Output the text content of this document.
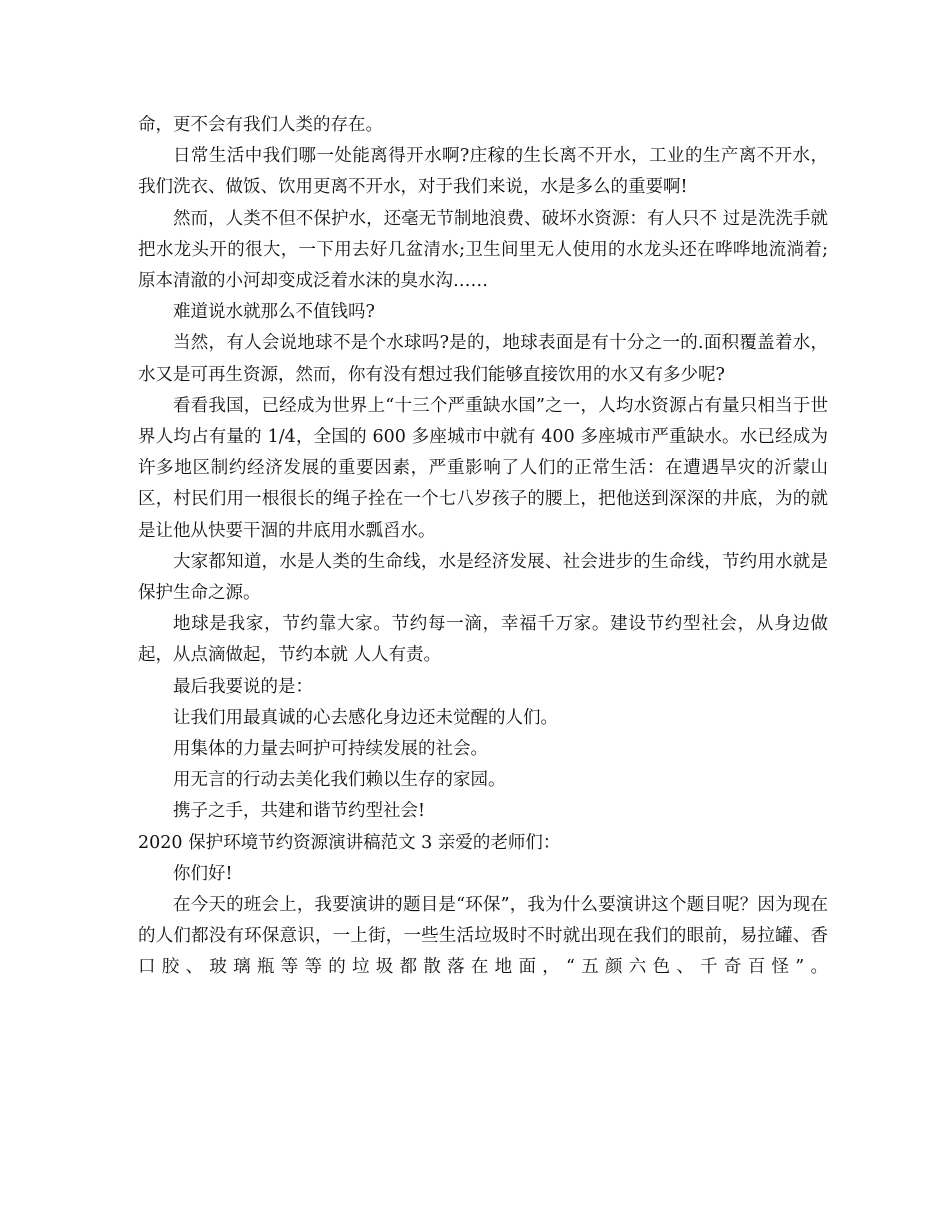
命，更不会有我们人类的存在。

日常生活中我们哪一处能离得开水啊?庄稼的生长离不开水，工业的生产离不开水，我们洗衣、做饭、饮用更离不开水，对于我们来说，水是多么的重要啊!

然而，人类不但不保护水，还毫无节制地浪费、破坏水资源：有人只不 过是洗洗手就把水龙头开的很大，一下用去好几盆清水;卫生间里无人使用的水龙头还在哗哗地流淌着;原本清澈的小河却变成泛着水沫的臭水沟……

难道说水就那么不值钱吗?

当然，有人会说地球不是个水球吗?是的，地球表面是有十分之一的.面积覆盖着水，水又是可再生资源，然而，你有没有想过我们能够直接饮用的水又有多少呢?

看看我国，已经成为世界上“十三个严重缺水国”之一，人均水资源占有量只相当于世界人均占有量的 1/4，全国的 600 多座城市中就有 400 多座城市严重缺水。水已经成为许多地区制约经济发展的重要因素，严重影响了人们的正常生活：在遭遇旱灾的沂蒙山区，村民们用一根很长的绳子拴在一个七八岁孩子的腰上，把他送到深深的井底，为的就是让他从快要干涸的井底用水瓢舀水。

大家都知道，水是人类的生命线，水是经济发展、社会进步的生命线，节约用水就是保护生命之源。

地球是我家，节约靠大家。节约每一滴，幸福千万家。建设节约型社会，从身边做起，从点滴做起，节约本就 人人有责。

最后我要说的是：

让我们用最真诚的心去感化身边还未觉醒的人们。

用集体的力量去呵护可持续发展的社会。

用无言的行动去美化我们赖以生存的家园。

携子之手，共建和谐节约型社会!

2020 保护环境节约资源演讲稿范文 3 亲爱的老师们：

你们好!

在今天的班会上，我要演讲的题目是“环保”，我为什么要演讲这个题目呢？因为现在的人们都没有环保意识，一上街，一些生活垃圾时不时就出现在我们的眼前，易拉罐、香口胶、玻璃瓶等等的垃圾都散落在地面，“五颜六色、千奇百怪”。
